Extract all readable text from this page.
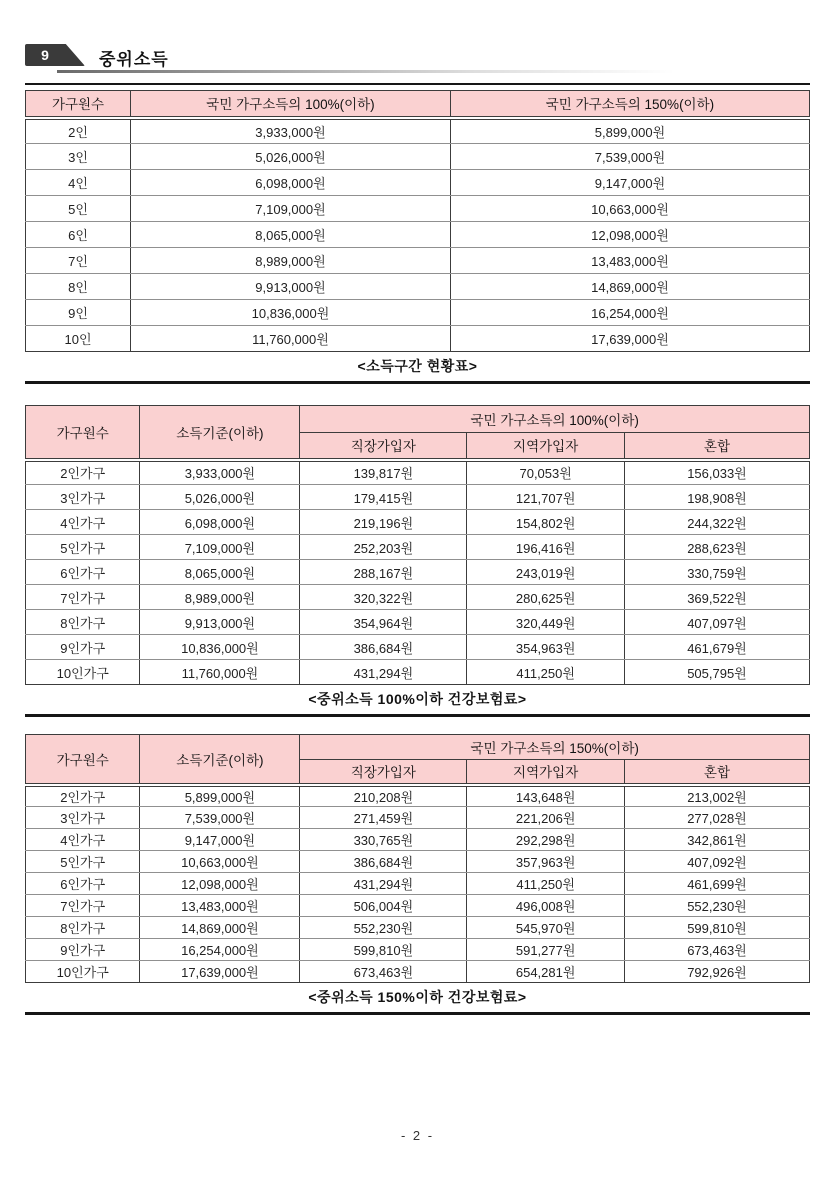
9	중위소득
가구원수	국민 가구소득의 100%(이하)	국민 가구소득의 150%(이하)
2인	3,933,000원	5,899,000원
3인	5,026,000원	7,539,000원
4인	6,098,000원	9,147,000원
5인	7,109,000원	10,663,000원
6인	8,065,000원	12,098,000원
7인	8,989,000원	13,483,000원
8인	9,913,000원	14,869,000원
9인	10,836,000원	16,254,000원
10인	11,760,000원	17,639,000원
<소득구간 현황표>
가구원수	소득기준(이하)	국민 가구소득의 100%(이하)		
		직장가입자	지역가입자	혼합
2인가구	3,933,000원	139,817원	70,053원	156,033원
3인가구	5,026,000원	179,415원	121,707원	198,908원
4인가구	6,098,000원	219,196원	154,802원	244,322원
5인가구	7,109,000원	252,203원	196,416원	288,623원
6인가구	8,065,000원	288,167원	243,019원	330,759원
7인가구	8,989,000원	320,322원	280,625원	369,522원
8인가구	9,913,000원	354,964원	320,449원	407,097원
9인가구	10,836,000원	386,684원	354,963원	461,679원
10인가구	11,760,000원	431,294원	411,250원	505,795원
<중위소득 100%이하 건강보험료>
가구원수	소득기준(이하)	국민 가구소득의 150%(이하)		
		직장가입자	지역가입자	혼합
2인가구	5,899,000원	210,208원	143,648원	213,002원
3인가구	7,539,000원	271,459원	221,206원	277,028원
4인가구	9,147,000원	330,765원	292,298원	342,861원
5인가구	10,663,000원	386,684원	357,963원	407,092원
6인가구	12,098,000원	431,294원	411,250원	461,699원
7인가구	13,483,000원	506,004원	496,008원	552,230원
8인가구	14,869,000원	552,230원	545,970원	599,810원
9인가구	16,254,000원	599,810원	591,277원	673,463원
10인가구	17,639,000원	673,463원	654,281원	792,926원
<중위소득 150%이하 건강보험료>
- 2 -
